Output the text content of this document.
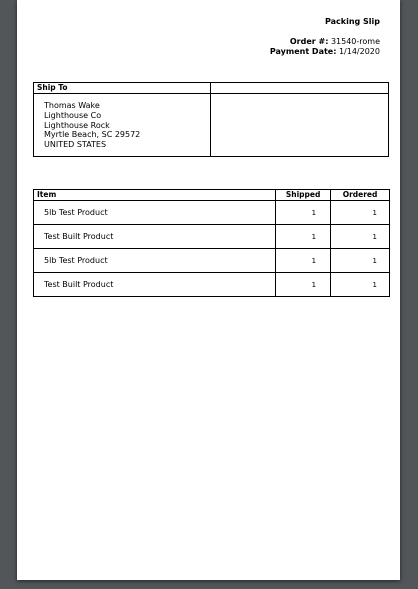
Packing Slip
Order #: 31540-rome
Payment Date: 1/14/2020
Ship To
Thomas Wake
Lighthouse Co
Lighthouse Rock
Myrtle Beach, SC 29572
UNITED STATES
Item	Shipped	Ordered
5lb Test Product	1	1
Test Built Product	1	1
5lb Test Product	1	1
Test Built Product	1	1
